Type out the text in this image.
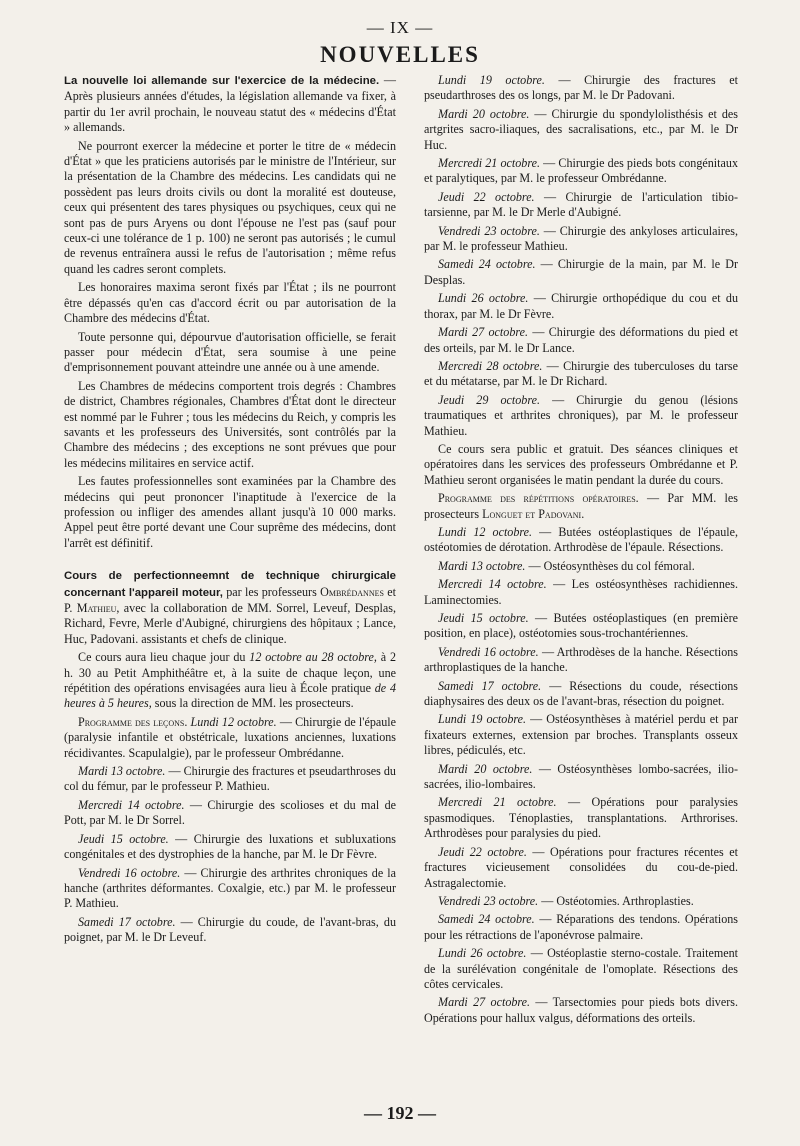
— IX —
NOUVELLES

La nouvelle loi allemande sur l'exercice de la médecine. — Après plusieurs années d'études, la législation allemande va fixer, à partir du 1er avril prochain, le nouveau statut des « médecins d'État » allemands.

Ne pourront exercer la médecine et porter le titre de « médecin d'État » que les praticiens autorisés par le ministre de l'Intérieur, sur la présentation de la Chambre des médecins. Les candidats qui ne possèdent pas leurs droits civils ou dont la moralité est douteuse, ceux qui présentent des tares physiques ou psychiques, ceux qui ne sont pas de purs Aryens ou dont l'épouse ne l'est pas (sauf pour ceux-ci une tolérance de 1 p. 100) ne seront pas autorisés ; le cumul de revenus entraînera aussi le refus de l'autorisation ; même refus quand les cadres seront complets.

Les honoraires maxima seront fixés par l'État ; ils ne pourront être dépassés qu'en cas d'accord écrit ou par autorisation de la Chambre des médecins d'État.

Toute personne qui, dépourvue d'autorisation officielle, se ferait passer pour médecin d'État, sera soumise à une peine d'emprisonnement pouvant atteindre une année ou à une amende.

Les Chambres de médecins comportent trois degrés : Chambres de district, Chambres régionales, Chambres d'État dont le directeur est nommé par le Fuhrer ; tous les médecins du Reich, y compris les savants et les professeurs des Universités, sont contrôlés par la Chambre des médecins ; des exceptions ne sont prévues que pour les médecins militaires en service actif.

Les fautes professionnelles sont examinées par la Chambre des médecins qui peut prononcer l'inaptitude à l'exercice de la profession ou infliger des amendes allant jusqu'à 10 000 marks. Appel peut être porté devant une Cour suprême des médecins, dont l'arrêt est définitif.

Cours de perfectionneemnt de technique chirurgicale concernant l'appareil moteur, par les professeurs Ombrédannes et P. Mathieu, avec la collaboration de MM. Sorrel, Leveuf, Desplas, Richard, Fevre, Merle d'Aubigné, chirurgiens des hôpitaux ; Lance, Huc, Padovani. assistants et chefs de clinique.

Ce cours aura lieu chaque jour du 12 octobre au 28 octobre, à 2 h. 30 au Petit Amphithéâtre et, à la suite de chaque leçon, une répétition des opérations envisagées aura lieu à École pratique de 4 heures à 5 heures, sous la direction de MM. les prosecteurs.

Programme des leçons. Lundi 12 octobre. — Chirurgie de l'épaule (paralysie infantile et obstétricale, luxations anciennes, luxations récidivantes. Scapulalgie), par le professeur Ombrédanne.

Mardi 13 octobre. — Chirurgie des fractures et pseudarthroses du col du fémur, par le professeur P. Mathieu.

Mercredi 14 octobre. — Chirurgie des scolioses et du mal de Pott, par M. le Dr Sorrel.

Jeudi 15 octobre. — Chirurgie des luxations et subluxations congénitales et des dystrophies de la hanche, par M. le Dr Fèvre.

Vendredi 16 octobre. — Chirurgie des arthrites chroniques de la hanche (arthrites déformantes. Coxalgie, etc.) par M. le professeur P. Mathieu.

Samedi 17 octobre. — Chirurgie du coude, de l'avant-bras, du poignet, par M. le Dr Leveuf.

Lundi 19 octobre. — Chirurgie des fractures et pseudarthroses des os longs, par M. le Dr Padovani.

Mardi 20 octobre. — Chirurgie du spondylolisthésis et des artgrites sacro-iliaques, des sacralisations, etc., par M. le Dr Huc.

Mercredi 21 octobre. — Chirurgie des pieds bots congénitaux et paralytiques, par M. le professeur Ombrédanne.

Jeudi 22 octobre. — Chirurgie de l'articulation tibio-tarsienne, par M. le Dr Merle d'Aubigné.

Vendredi 23 octobre. — Chirurgie des ankyloses articulaires, par M. le professeur Mathieu.

Samedi 24 octobre. — Chirurgie de la main, par M. le Dr Desplas.

Lundi 26 octobre. — Chirurgie orthopédique du cou et du thorax, par M. le Dr Fèvre.

Mardi 27 octobre. — Chirurgie des déformations du pied et des orteils, par M. le Dr Lance.

Mercredi 28 octobre. — Chirurgie des tuberculoses du tarse et du métatarse, par M. le Dr Richard.

Jeudi 29 octobre. — Chirurgie du genou (lésions traumatiques et arthrites chroniques), par M. le professeur Mathieu.

Ce cours sera public et gratuit. Des séances cliniques et opératoires dans les services des professeurs Ombrédanne et P. Mathieu seront organisées le matin pendant la durée du cours.

Programme des répétitions opératoires. — Par MM. les prosecteurs Longuet et Padovani.

Lundi 12 octobre. — Butées ostéoplastiques de l'épaule, ostéotomies de dérotation. Arthrodèse de l'épaule. Résections.

Mardi 13 octobre. — Ostéosynthèses du col fémoral.

Mercredi 14 octobre. — Les ostéosynthèses rachidiennes. Laminectomies.

Jeudi 15 octobre. — Butées ostéoplastiques (en première position, en place), ostéotomies sous-trochantériennes.

Vendredi 16 octobre. — Arthrodèses de la hanche. Résections arthroplastiques de la hanche.

Samedi 17 octobre. — Résections du coude, résections diaphysaires des deux os de l'avant-bras, résection du poignet.

Lundi 19 octobre. — Ostéosynthèses à matériel perdu et par fixateurs externes, extension par broches. Transplants osseux libres, pédiculés, etc.

Mardi 20 octobre. — Ostéosynthèses lombo-sacrées, ilio-sacrées, ilio-lombaires.

Mercredi 21 octobre. — Opérations pour paralysies spasmodiques. Ténoplasties, transplantations. Arthrorises. Arthrodèses pour paralysies du pied.

Jeudi 22 octobre. — Opérations pour fractures récentes et fractures vicieusement consolidées du cou-de-pied. Astragalectomie.

Vendredi 23 octobre. — Ostéotomies. Arthroplasties.

Samedi 24 octobre. — Réparations des tendons. Opérations pour les rétractions de l'aponévrose palmaire.

Lundi 26 octobre. — Ostéoplastie sterno-costale. Traitement de la surélévation congénitale de l'omoplate. Résections des côtes cervicales.

Mardi 27 octobre. — Tarsectomies pour pieds bots divers. Opérations pour hallux valgus, déformations des orteils.

— 192 —
